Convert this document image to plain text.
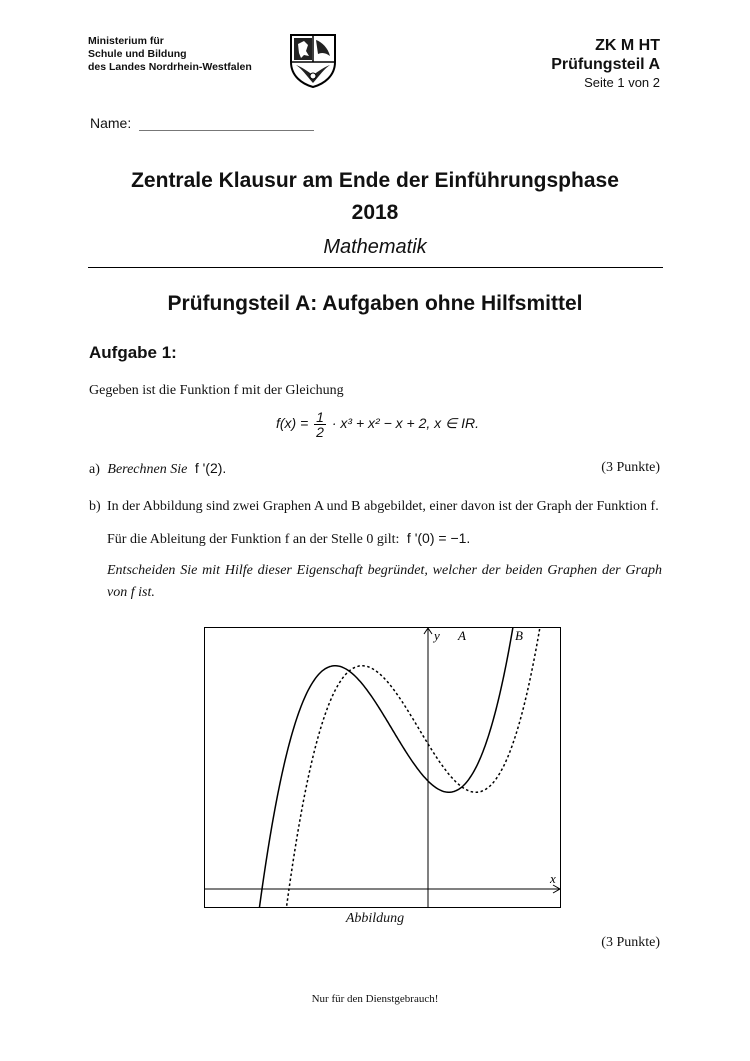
Ministerium für
Schule und Bildung
des Landes Nordrhein-Westfalen
ZK M HT
Prüfungsteil A
Seite 1 von 2
Name:
Zentrale Klausur am Ende der Einführungsphase
2018
Mathematik
Prüfungsteil A: Aufgaben ohne Hilfsmittel
Aufgabe 1:
Gegeben ist die Funktion f mit der Gleichung
$f(x) = \frac{1}{2} \cdot x^3 + x^2 - x + 2$, x ∈ IR.
a) Berechnen Sie f '(2).	(3 Punkte)
b) In der Abbildung sind zwei Graphen A und B abgebildet, einer davon ist der Graph der Funktion f.
Für die Ableitung der Funktion f an der Stelle 0 gilt: f '(0) = −1.
Entscheiden Sie mit Hilfe dieser Eigenschaft begründet, welcher der beiden Graphen der Graph von f ist.
y
x
A	B
Abbildung
(3 Punkte)
Nur für den Dienstgebrauch!
